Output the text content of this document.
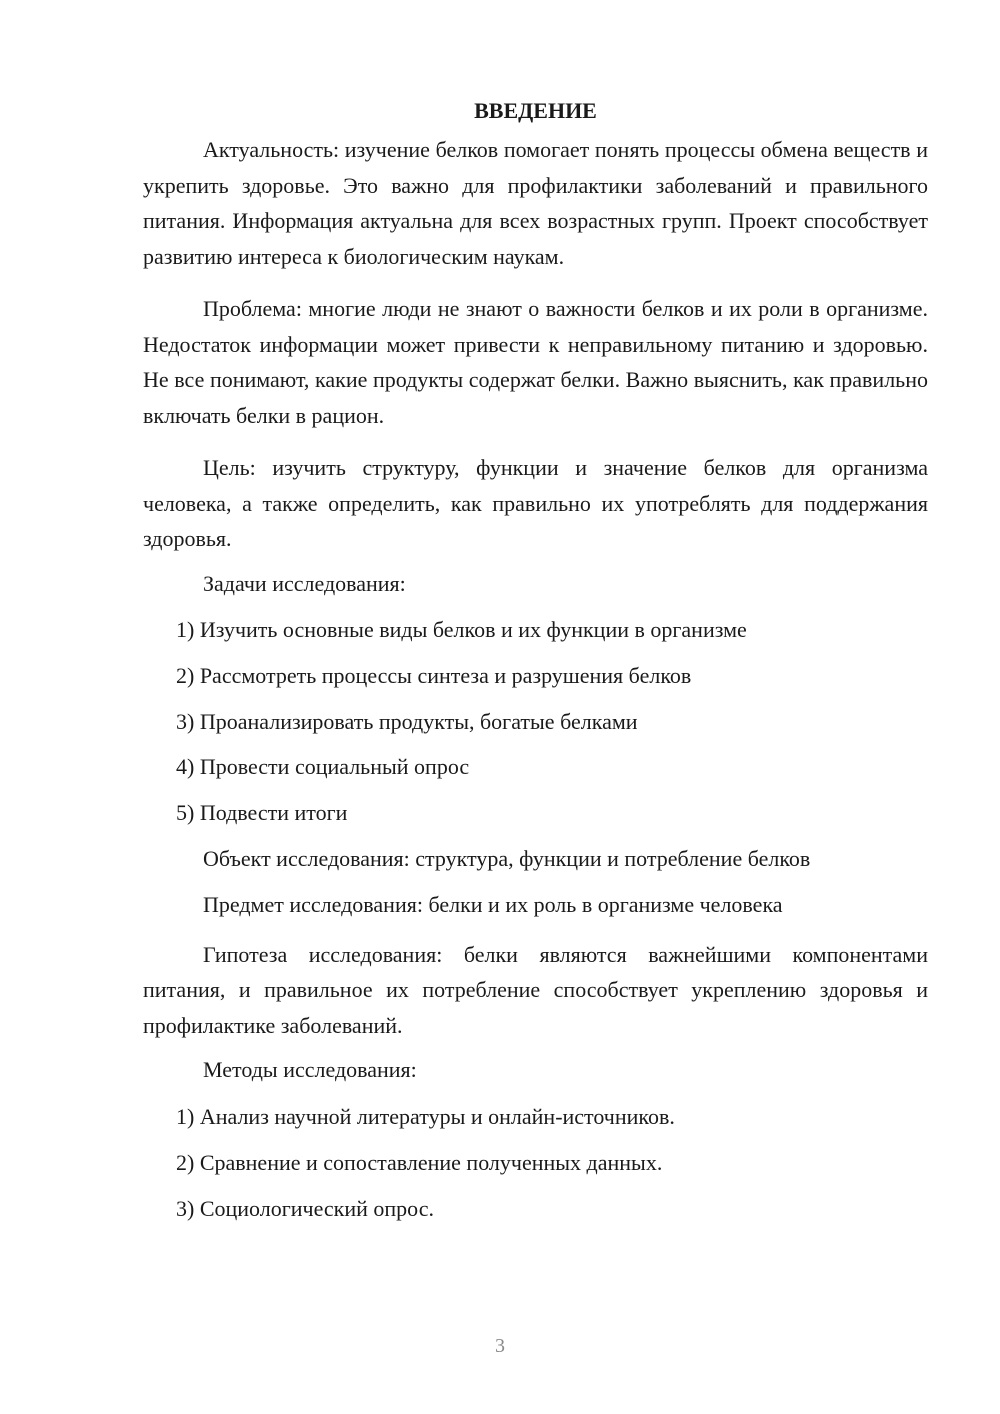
ВВЕДЕНИЕ

Актуальность: изучение белков помогает понять процессы обмена веществ и укрепить здоровье. Это важно для профилактики заболеваний и правильного питания. Информация актуальна для всех возрастных групп. Проект способствует развитию интереса к биологическим наукам.

Проблема: многие люди не знают о важности белков и их роли в организме. Недостаток информации может привести к неправильному питанию и здоровью. Не все понимают, какие продукты содержат белки. Важно выяснить, как правильно включать белки в рацион.

Цель: изучить структуру, функции и значение белков для организма человека, а также определить, как правильно их употреблять для поддержания здоровья.

Задачи исследования:
1) Изучить основные виды белков и их функции в организме
2) Рассмотреть процессы синтеза и разрушения белков
3) Проанализировать продукты, богатые белками
4) Провести социальный опрос
5) Подвести итоги
Объект исследования: структура, функции и потребление белков
Предмет исследования: белки и их роль в организме человека

Гипотеза исследования: белки являются важнейшими компонентами питания, и правильное их потребление способствует укреплению здоровья и профилактике заболеваний.

Методы исследования:
1) Анализ научной литературы и онлайн-источников.
2) Сравнение и сопоставление полученных данных.
3) Социологический опрос.
3
